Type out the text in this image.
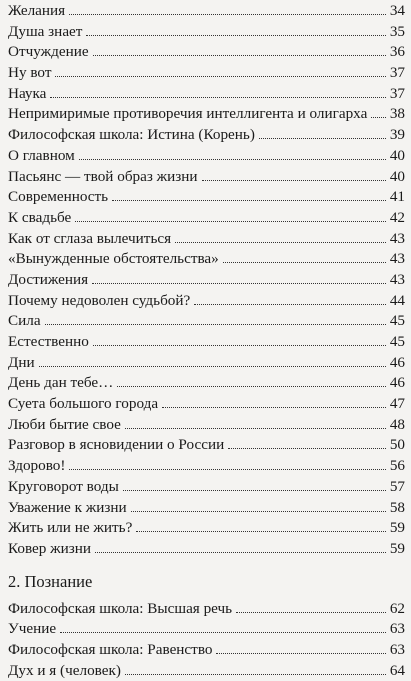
Желания	34
Душа знает	35
Отчуждение	36
Ну вот	37
Наука	37
Непримиримые противоречия интеллигента и олигарха 38
Философская школа: Истина (Корень)	39
О главном	40
Пасьянс — твой образ жизни	40
Современность	41
К свадьбе	42
Как от сглаза вылечиться	43
«Вынужденные обстоятельства»	43
Достижения	43
Почему недоволен судьбой?	44
Сила	45
Естественно	45
Дни	46
День дан тебе…	46
Суета большого города	47
Люби бытие свое	48
Разговор в ясновидении о России	50
Здорово!	56
Круговорот воды	57
Уважение к жизни	58
Жить или не жить?	59
Ковер жизни	59
2. Познание
Философская школа: Высшая речь	62
Учение	63
Философская школа: Равенство	63
Дух и я (человек)	64
